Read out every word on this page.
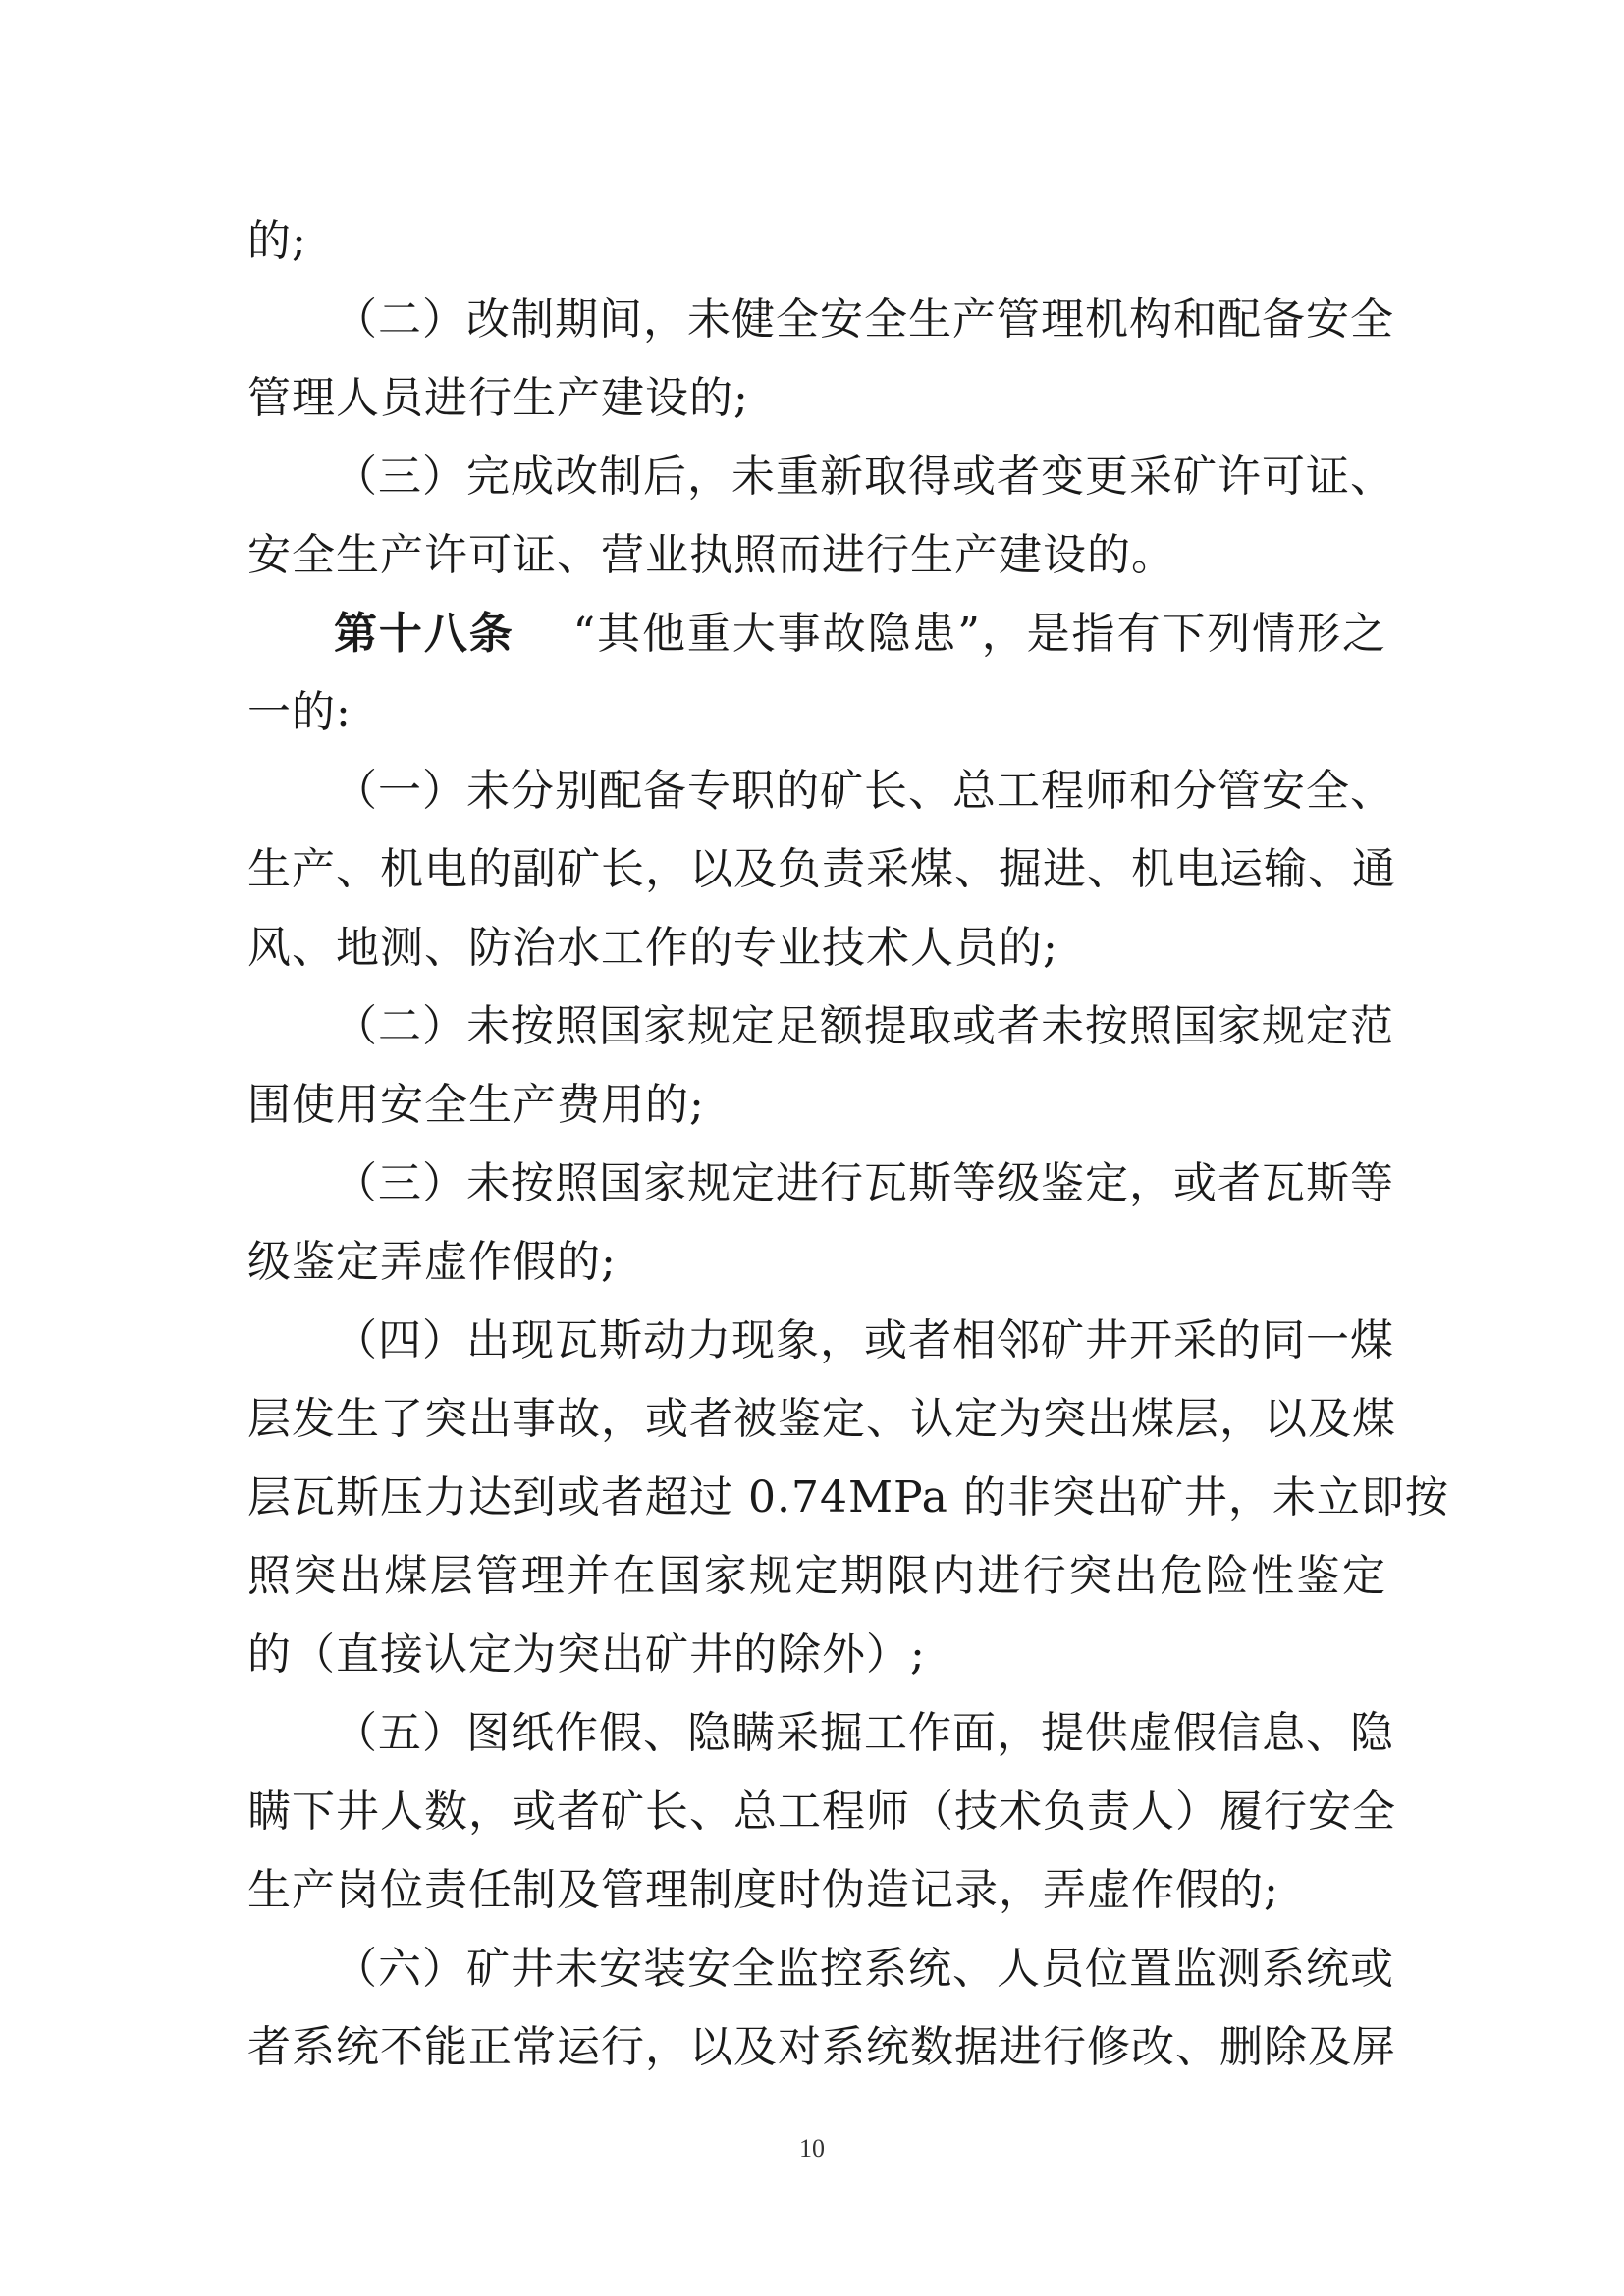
的;
（二）改制期间，未健全安全生产管理机构和配备安全
管理人员进行生产建设的;
（三）完成改制后，未重新取得或者变更采矿许可证、
安全生产许可证、营业执照而进行生产建设的。
第十八条 “其他重大事故隐患”，是指有下列情形之
一的:
（一）未分别配备专职的矿长、总工程师和分管安全、
生产、机电的副矿长，以及负责采煤、掘进、机电运输、通
风、地测、防治水工作的专业技术人员的;
（二）未按照国家规定足额提取或者未按照国家规定范
围使用安全生产费用的;
（三）未按照国家规定进行瓦斯等级鉴定，或者瓦斯等
级鉴定弄虚作假的;
（四）出现瓦斯动力现象，或者相邻矿井开采的同一煤
层发生了突出事故，或者被鉴定、认定为突出煤层，以及煤
层瓦斯压力达到或者超过 0.74MPa 的非突出矿井，未立即按
照突出煤层管理并在国家规定期限内进行突出危险性鉴定
的（直接认定为突出矿井的除外）;
（五）图纸作假、隐瞒采掘工作面，提供虚假信息、隐
瞒下井人数，或者矿长、总工程师（技术负责人）履行安全
生产岗位责任制及管理制度时伪造记录，弄虚作假的;
（六）矿井未安装安全监控系统、人员位置监测系统或
者系统不能正常运行，以及对系统数据进行修改、删除及屏
10
